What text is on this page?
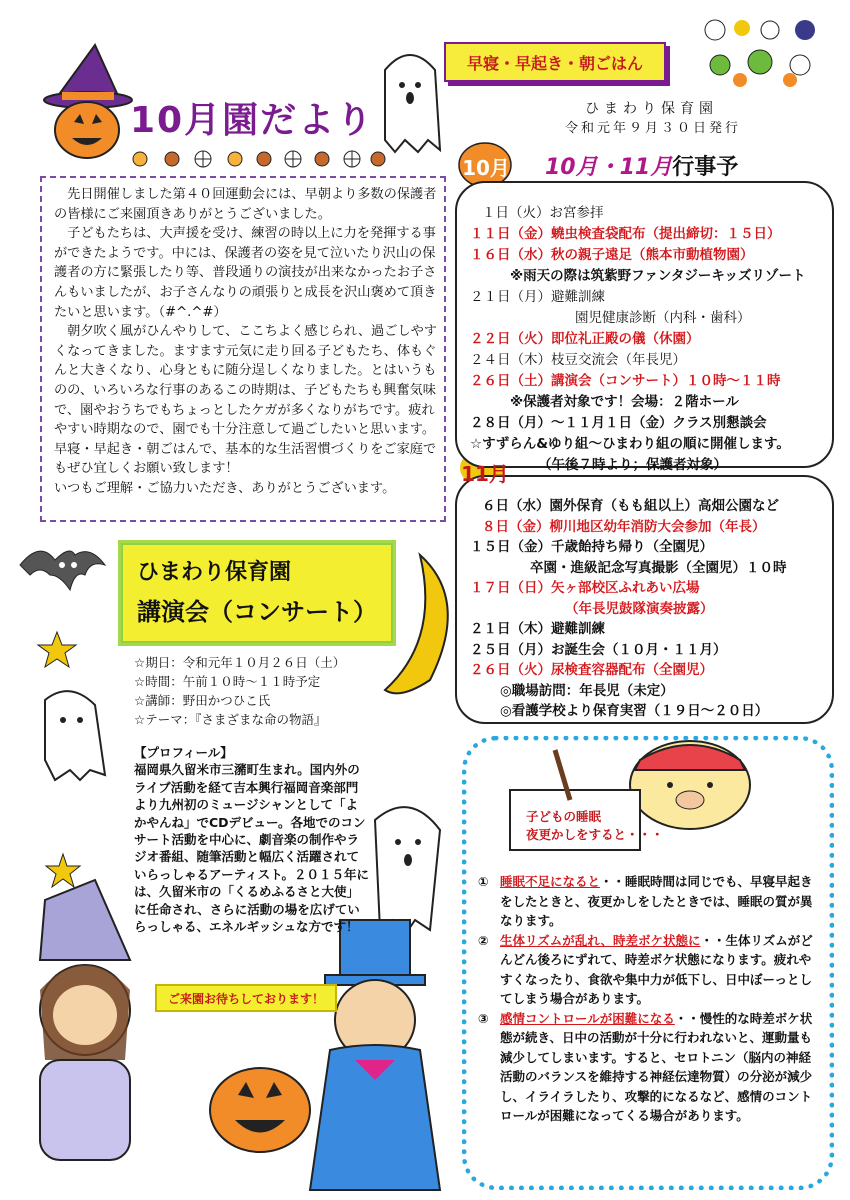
10月園だより
早寝・早起き・朝ごはん
ひまわり保育園
令和元年９月３０日発行

　先日開催しました第４０回運動会には、早朝より多数の保護者の皆様にご来園頂きありがとうございました。

　子どもたちは、大声援を受け、練習の時以上に力を発揮する事ができたようです。中には、保護者の姿を見て泣いたり沢山の保護者の方に緊張したり等、普段通りの演技が出来なかったお子さんもいましたが、お子さんなりの頑張りと成長を沢山褒めて頂きたいと思います。（#^.^#）

　朝夕吹く風がひんやりして、ここちよく感じられ、過ごしやすくなってきました。ますます元気に走り回る子どもたち、体もぐんと大きくなり、心身ともに随分逞しくなりました。とはいうものの、いろいろな行事のあるこの時期は、子どもたちも興奮気味で、園やおうちでもちょっとしたケガが多くなりがちです。疲れやすい時期なので、園でも十分注意して過ごしたいと思います。

早寝・早起き・朝ごはんで、基本的な生活習慣づくりをご家庭でもぜひ宜しくお願い致します！

いつもご理解・ご協力いただき、ありがとうございます。

10月・11月行事予
10月
１日（火）お宮参拝
１１日（金）蟯虫検査袋配布（提出締切：１５日）
１６日（水）秋の親子遠足（熊本市動植物園）
※雨天の際は筑紫野ファンタジーキッズリゾート
２１日（月）避難訓練
園児健康診断（内科・歯科）
２２日（火）即位礼正殿の儀（休園）
２４日（木）枝豆交流会（年長児）
２６日（土）講演会（コンサート）１０時〜１１時
※保護者対象です！会場：２階ホール
２８日（月）〜１１月１日（金）クラス別懇談会
☆すずらん&ゆり組〜ひまわり組の順に開催します。
（午後７時より；保護者対象）
11月
６日（水）園外保育（もも組以上）高畑公園など
８日（金）柳川地区幼年消防大会参加（年長）
１５日（金）千歳飴持ち帰り（全園児）
卒園・進級記念写真撮影（全園児）１０時
１７日（日）矢ヶ部校区ふれあい広場
（年長児鼓隊演奏披露）
２１日（木）避難訓練
２５日（月）お誕生会（１０月・１１月）
２６日（火）尿検査容器配布（全園児）
◎職場訪問：年長児（未定）
◎看護学校より保育実習（１９日〜２０日）
ひまわり保育園
講演会（コンサート）
☆期日：令和元年１０月２６日（土）
☆時間：午前１０時〜１１時予定
☆講師：野田かつひこ氏
☆テーマ：『さまざまな命の物語』

【プロフィール】

福岡県久留米市三瀦町生まれ。国内外のライブ活動を経て吉本興行福岡音楽部門より九州初のミュージシャンとして「よかやんね」でCDデビュー。各地でのコンサート活動を中心に、劇音楽の制作やラジオ番組、随筆活動と幅広く活躍されていらっしゃるアーティスト。２０１５年には、久留米市の「くるめふるさと大使」に任命され、さらに活動の場を広げていらっしゃる、エネルギッシュな方です！

ご来園お待ちしております！
子どもの睡眠
夜更かしをすると・・・
① 睡眠不足になると・・睡眠時間は同じでも、早寝早起きをしたときと、夜更かしをしたときでは、睡眠の質が異なります。
② 生体リズムが乱れ、時差ボケ状態に・・生体リズムがどんどん後ろにずれて、時差ボケ状態になります。疲れやすくなったり、食欲や集中力が低下し、日中ぼーっとしてしまう場合があります。
③ 感情コントロールが困難になる・・慢性的な時差ボケ状態が続き、日中の活動が十分に行われないと、運動量も減少してしまいます。すると、セロトニン（脳内の神経活動のバランスを維持する神経伝達物質）の分泌が減少し、イライラしたり、攻撃的になるなど、感情のコントロールが困難になってくる場合があります。
